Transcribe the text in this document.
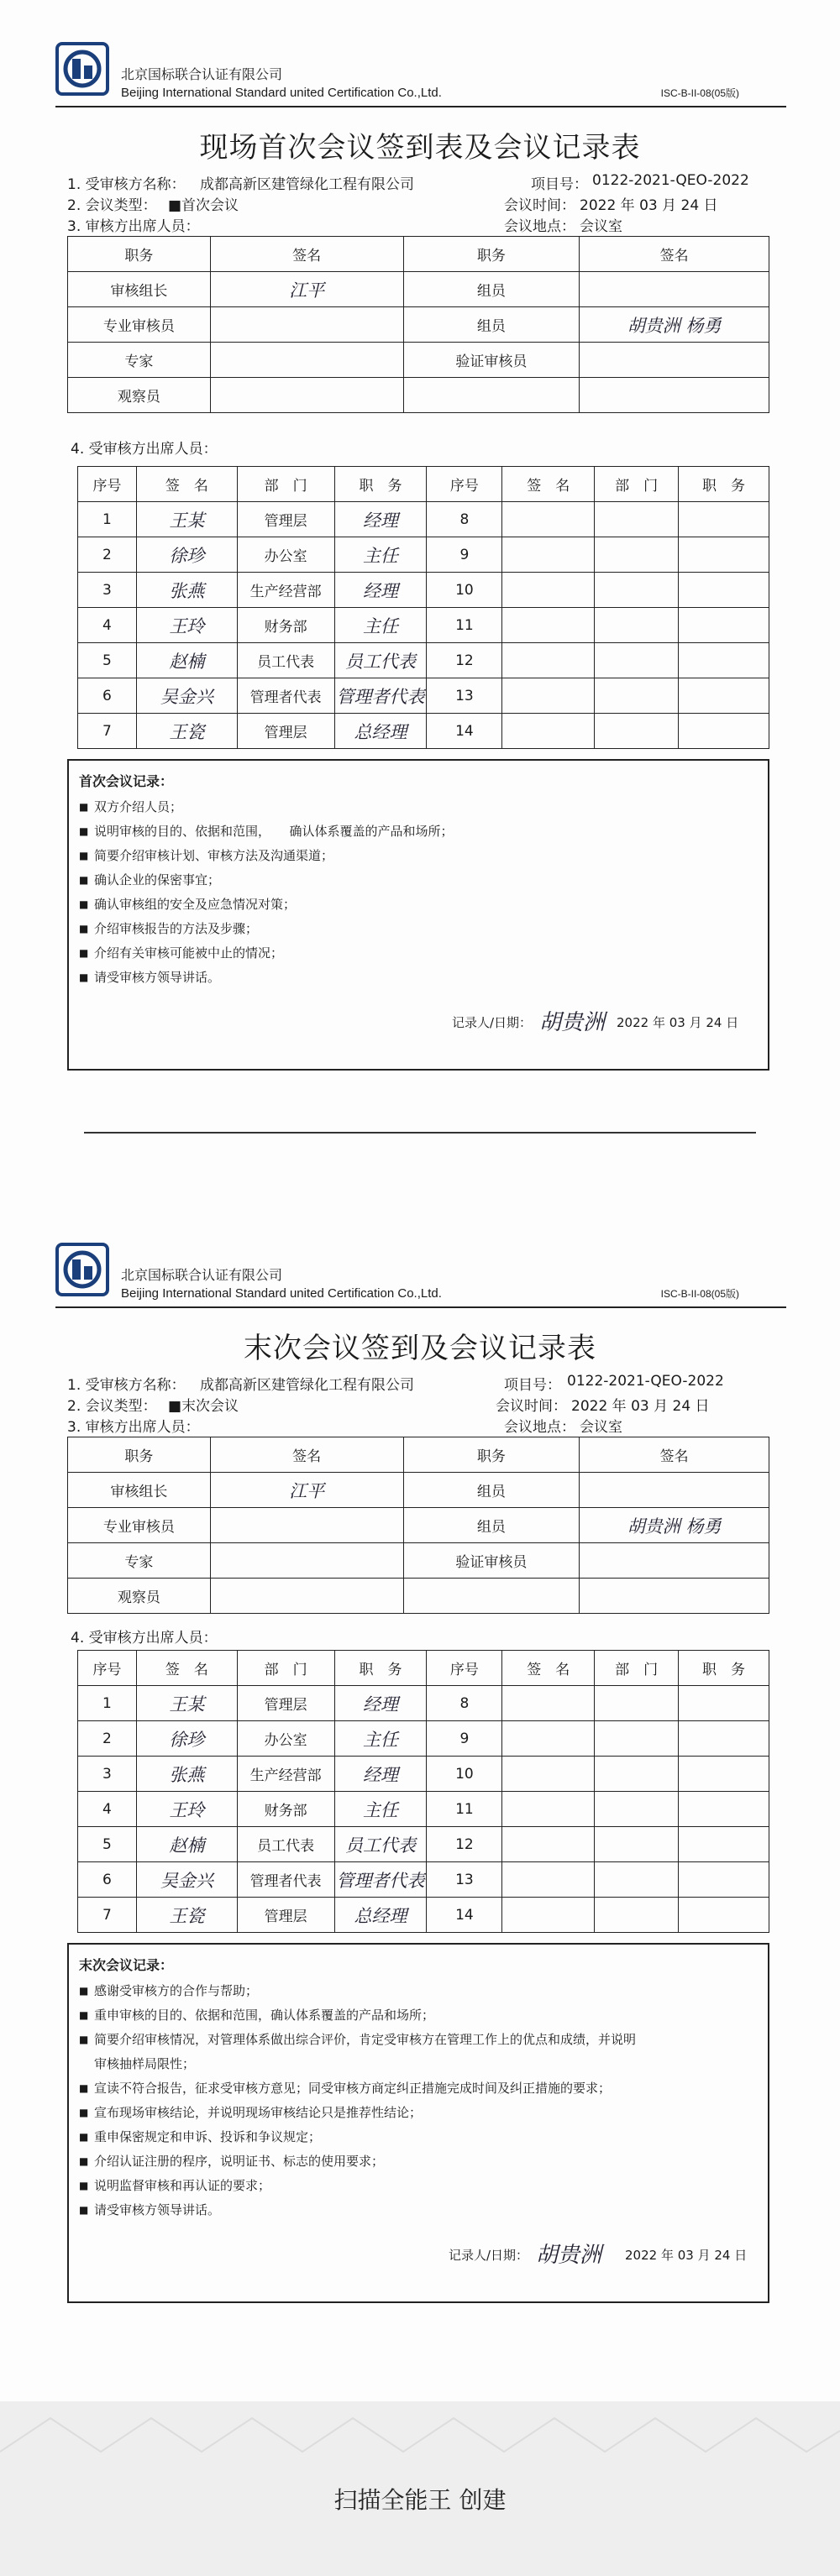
北京国标联合认证有限公司
Beijing International Standard united Certification Co.,Ltd.	ISC-B-II-08(05版)
现场首次会议签到表及会议记录表
1. 受审核方名称： 成都高新区建管绿化工程有限公司	项目号： 0122-2021-QEO-2022
2. 会议类型： ■首次会议	会议时间： 2022 年 03 月 24 日
3. 审核方出席人员：	会议地点： 会议室
职务	签名	职务	签名
审核组长	江平	组员	
专业审核员		组员	胡贵洲 杨勇
专家		验证审核员	
观察员			
4. 受审核方出席人员：
序号	签　名	部　门	职　务	序号	签　名	部　门	职　务
1	王某	管理层	经理	8			
2	徐珍	办公室	主任	9			
3	张燕	生产经营部	经理	10			
4	王玲	财务部	主任	11			
5	赵楠	员工代表	员工代表	12			
6	吴金兴	管理者代表	管理者代表	13			
7	王瓷	管理层	总经理	14			
首次会议记录：
■ 双方介绍人员；
■ 说明审核的目的、依据和范围，　　确认体系覆盖的产品和场所；
■ 简要介绍审核计划、审核方法及沟通渠道；
■ 确认企业的保密事宜；
■ 确认审核组的安全及应急情况对策；
■ 介绍审核报告的方法及步骤；
■ 介绍有关审核可能被中止的情况；
■ 请受审核方领导讲话。
记录人/日期： 胡贵洲 2022 年 03 月 24 日
北京国标联合认证有限公司
Beijing International Standard united Certification Co.,Ltd.	ISC-B-II-08(05版)
末次会议签到及会议记录表
1. 受审核方名称： 成都高新区建管绿化工程有限公司	项目号： 0122-2021-QEO-2022
2. 会议类型： ■末次会议	会议时间： 2022 年 03 月 24 日
3. 审核方出席人员：	会议地点： 会议室
职务	签名	职务	签名
审核组长	江平	组员	
专业审核员		组员	胡贵洲 杨勇
专家		验证审核员	
观察员			
4. 受审核方出席人员：
序号	签　名	部　门	职　务	序号	签　名	部　门	职　务
1	王某	管理层	经理	8			
2	徐珍	办公室	主任	9			
3	张燕	生产经营部	经理	10			
4	王玲	财务部	主任	11			
5	赵楠	员工代表	员工代表	12			
6	吴金兴	管理者代表	管理者代表	13			
7	王瓷	管理层	总经理	14			
末次会议记录：
■ 感谢受审核方的合作与帮助；
■ 重申审核的目的、依据和范围，确认体系覆盖的产品和场所；
■ 简要介绍审核情况，对管理体系做出综合评价，肯定受审核方在管理工作上的优点和成绩，并说明
审核抽样局限性；
■ 宣读不符合报告，征求受审核方意见；同受审核方商定纠正措施完成时间及纠正措施的要求；
■ 宣布现场审核结论，并说明现场审核结论只是推荐性结论；
■ 重申保密规定和申诉、投诉和争议规定；
■ 介绍认证注册的程序，说明证书、标志的使用要求；
■ 说明监督审核和再认证的要求；
■ 请受审核方领导讲话。
记录人/日期： 胡贵洲 2022 年 03 月 24 日
扫描全能王 创建
